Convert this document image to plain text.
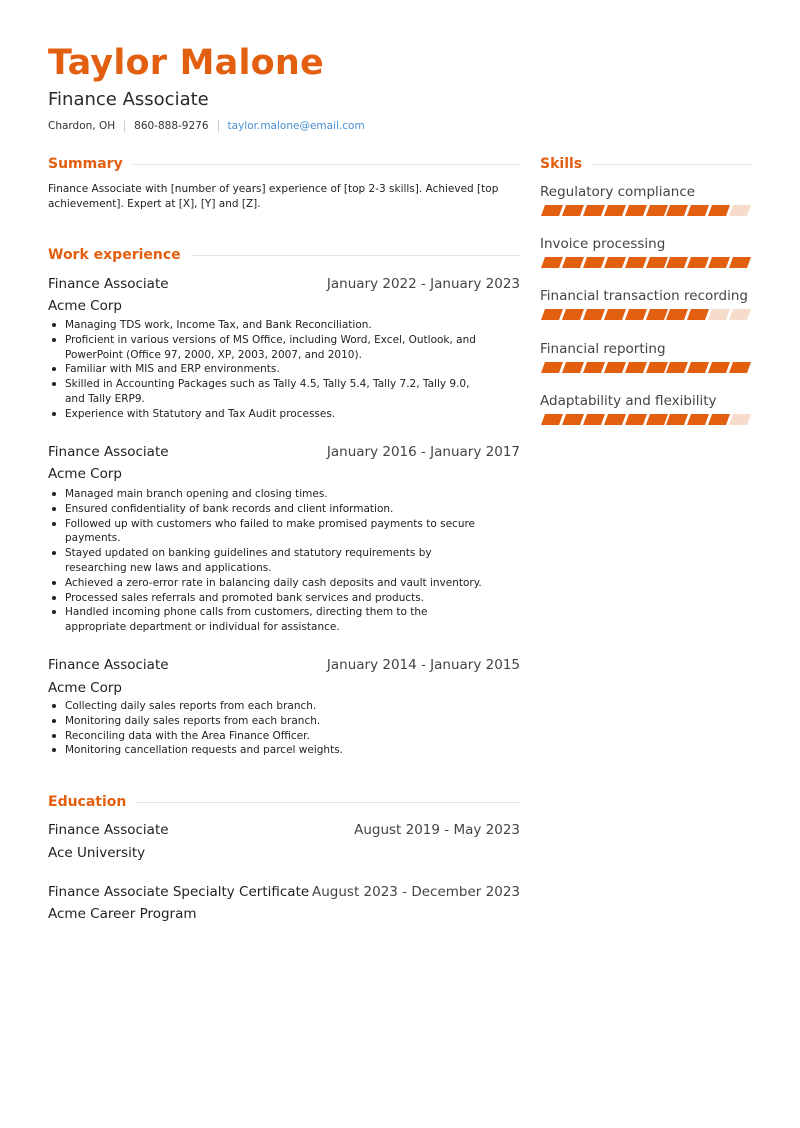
Taylor Malone
Finance Associate
Chardon, OH 860-888-9276 taylor.malone@email.com
Summary
Finance Associate with [number of years] experience of [top 2-3 skills]. Achieved [top achievement]. Expert at [X], [Y] and [Z].
Work experience
Finance Associate	January 2022 - January 2023
Acme Corp
Managing TDS work, Income Tax, and Bank Reconciliation.
Proficient in various versions of MS Office, including Word, Excel, Outlook, and PowerPoint (Office 97, 2000, XP, 2003, 2007, and 2010).
Familiar with MIS and ERP environments.
Skilled in Accounting Packages such as Tally 4.5, Tally 5.4, Tally 7.2, Tally 9.0, and Tally ERP9.
Experience with Statutory and Tax Audit processes.
Finance Associate	January 2016 - January 2017
Acme Corp
Managed main branch opening and closing times.
Ensured confidentiality of bank records and client information.
Followed up with customers who failed to make promised payments to secure payments.
Stayed updated on banking guidelines and statutory requirements by researching new laws and applications.
Achieved a zero-error rate in balancing daily cash deposits and vault inventory.
Processed sales referrals and promoted bank services and products.
Handled incoming phone calls from customers, directing them to the appropriate department or individual for assistance.
Finance Associate	January 2014 - January 2015
Acme Corp
Collecting daily sales reports from each branch.
Monitoring daily sales reports from each branch.
Reconciling data with the Area Finance Officer.
Monitoring cancellation requests and parcel weights.
Education
Finance Associate	August 2019 - May 2023
Ace University
Finance Associate Specialty Certificate August 2023 - December 2023
Acme Career Program
Skills
Regulatory compliance
Invoice processing
Financial transaction recording
Financial reporting
Adaptability and flexibility
